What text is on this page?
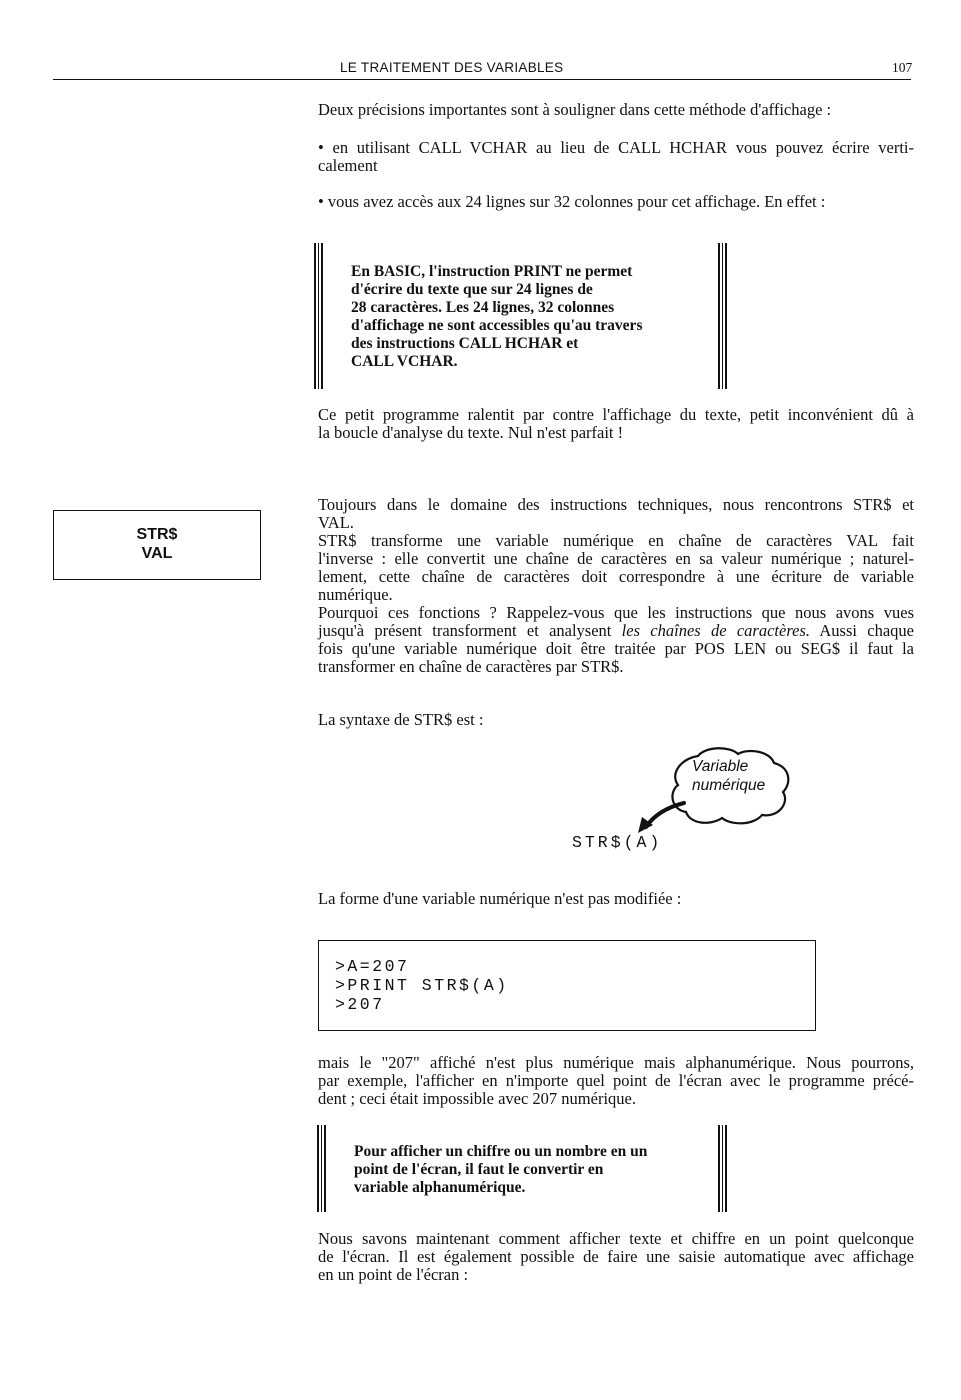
LE TRAITEMENT DES VARIABLES	107
Deux précisions importantes sont à souligner dans cette méthode d'affichage :
• en utilisant CALL VCHAR au lieu de CALL HCHAR vous pouvez écrire verti-
calement
• vous avez accès aux 24 lignes sur 32 colonnes pour cet affichage. En effet :
En BASIC, l'instruction PRINT ne permet
d'écrire du texte que sur 24 lignes de
28 caractères. Les 24 lignes, 32 colonnes
d'affichage ne sont accessibles qu'au travers
des instructions CALL HCHAR et
CALL VCHAR.
Ce petit programme ralentit par contre l'affichage du texte, petit inconvénient dû à
la boucle d'analyse du texte. Nul n'est parfait !
STR$
VAL
Toujours dans le domaine des instructions techniques, nous rencontrons STR$ et
VAL.
STR$ transforme une variable numérique en chaîne de caractères VAL fait
l'inverse : elle convertit une chaîne de caractères en sa valeur numérique ; naturel-
lement, cette chaîne de caractères doit correspondre à une écriture de variable
numérique.
Pourquoi ces fonctions ? Rappelez-vous que les instructions que nous avons vues
jusqu'à présent transforment et analysent les chaînes de caractères. Aussi chaque
fois qu'une variable numérique doit être traitée par POS LEN ou SEG$ il faut la
transformer en chaîne de caractères par STR$.
La syntaxe de STR$ est :
Variable
numérique
STR$(A)
La forme d'une variable numérique n'est pas modifiée :
>A=207
>PRINT STR$(A)
>207
mais le "207" affiché n'est plus numérique mais alphanumérique. Nous pourrons,
par exemple, l'afficher en n'importe quel point de l'écran avec le programme précé-
dent ; ceci était impossible avec 207 numérique.
Pour afficher un chiffre ou un nombre en un
point de l'écran, il faut le convertir en
variable alphanumérique.
Nous savons maintenant comment afficher texte et chiffre en un point quelconque
de l'écran. Il est également possible de faire une saisie automatique avec affichage
en un point de l'écran :
